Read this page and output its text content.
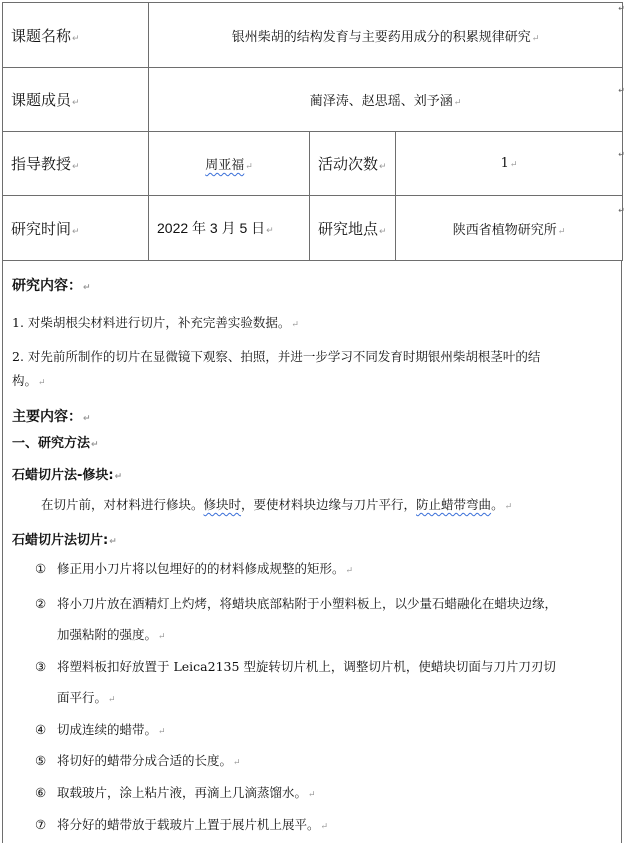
课题名称↵	银州柴胡的结构发育与主要药用成分的积累规律研究↵		
课题成员↵	蔺泽涛、赵思瑶、刘予涵↵		
指导教授↵	周亚福↵	活动次数↵	1↵
研究时间↵	2022 年 3 月 5 日↵	研究地点↵	陕西省植物研究所↵
↵
↵
↵
↵
研究内容：↵
1. 对柴胡根尖材料进行切片，补充完善实验数据。↵
2. 对先前所制作的切片在显微镜下观察、拍照，并进一步学习不同发育时期银州柴胡根茎叶的结
构。↵
主要内容：↵
一、研究方法↵
石蜡切片法-修块:↵
在切片前，对材料进行修块。修块时，要使材料块边缘与刀片平行，防止蜡带弯曲。↵
石蜡切片法切片:↵
① 修正用小刀片将以包埋好的的材料修成规整的矩形。↵
② 将小刀片放在酒精灯上灼烤，将蜡块底部粘附于小塑料板上，以少量石蜡融化在蜡块边缘，
加强粘附的强度。↵
③ 将塑料板扣好放置于 Leica2135 型旋转切片机上，调整切片机，使蜡块切面与刀片刀刃切
面平行。↵
④ 切成连续的蜡带。↵
⑤ 将切好的蜡带分成合适的长度。↵
⑥ 取载玻片，涂上粘片液，再滴上几滴蒸馏水。↵
⑦ 将分好的蜡带放于载玻片上置于展片机上展平。↵
